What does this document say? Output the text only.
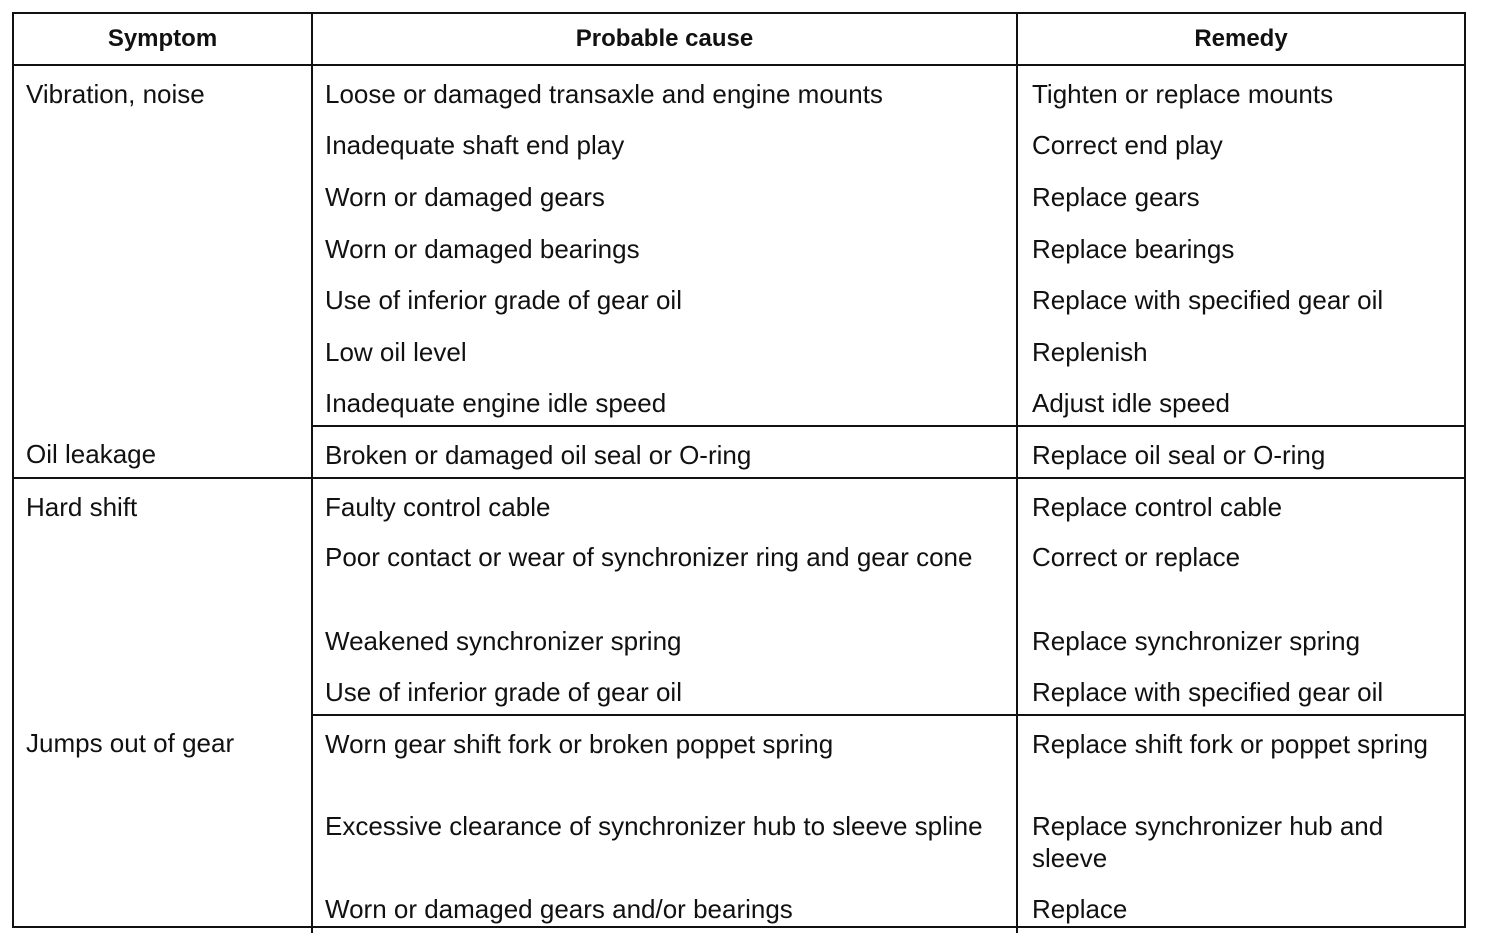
Symptom	Probable cause	Remedy

Vibration, noise	Loose or damaged transaxle and engine mounts	Tighten or replace mounts

	Inadequate shaft end play	Correct end play

	Worn or damaged gears	Replace gears

	Worn or damaged bearings	Replace bearings

	Use of inferior grade of gear oil	Replace with specified gear oil

	Low oil level	Replenish

	Inadequate engine idle speed	Adjust idle speed

Oil leakage	Broken or damaged oil seal or O-ring	Replace oil seal or O-ring

Hard shift	Faulty control cable	Replace control cable

	Poor contact or wear of synchronizer ring and gear cone	Correct or replace

	Weakened synchronizer spring	Replace synchronizer spring

	Use of inferior grade of gear oil	Replace with specified gear oil

Jumps out of gear	Worn gear shift fork or broken poppet spring	Replace shift fork or poppet spring

	Excessive clearance of synchronizer hub to sleeve spline	Replace synchronizer hub and sleeve

	Worn or damaged gears and/or bearings	Replace
